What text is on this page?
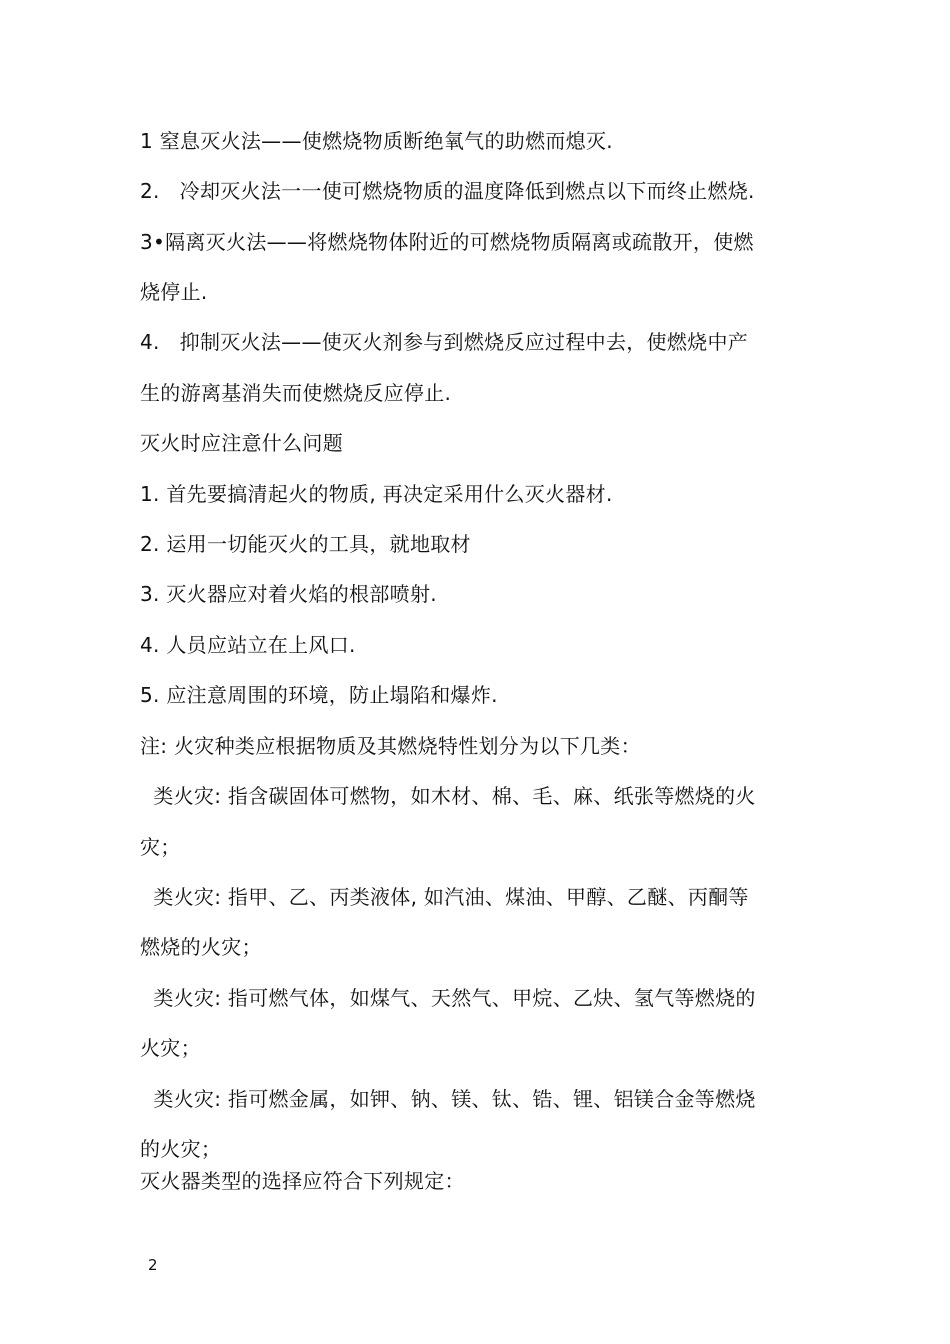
1 窒息灭火法——使燃烧物质断绝氧气的助燃而熄灭.
2.   冷却灭火法一一使可燃烧物质的温度降低到燃点以下而终止燃烧.
3•隔离灭火法——将燃烧物体附近的可燃烧物质隔离或疏散开，使燃
烧停止.
4.   抑制灭火法——使灭火剂参与到燃烧反应过程中去，使燃烧中产
生的游离基消失而使燃烧反应停止.
灭火时应注意什么问题
1. 首先要搞清起火的物质, 再决定采用什么灭火器材.
2. 运用一切能灭火的工具，就地取材
3. 灭火器应对着火焰的根部喷射.
4. 人员应站立在上风口.
5. 应注意周围的环境，防止塌陷和爆炸.
注: 火灾种类应根据物质及其燃烧特性划分为以下几类：
类火灾: 指含碳固体可燃物，如木材、棉、毛、麻、纸张等燃烧的火
灾；
类火灾: 指甲、乙、丙类液体, 如汽油、煤油、甲醇、乙醚、丙酮等
燃烧的火灾；
类火灾: 指可燃气体，如煤气、天然气、甲烷、乙炔、氢气等燃烧的
火灾；
类火灾: 指可燃金属，如钾、钠、镁、钛、锆、锂、铝镁合金等燃烧
的火灾；
灭火器类型的选择应符合下列规定：
2
